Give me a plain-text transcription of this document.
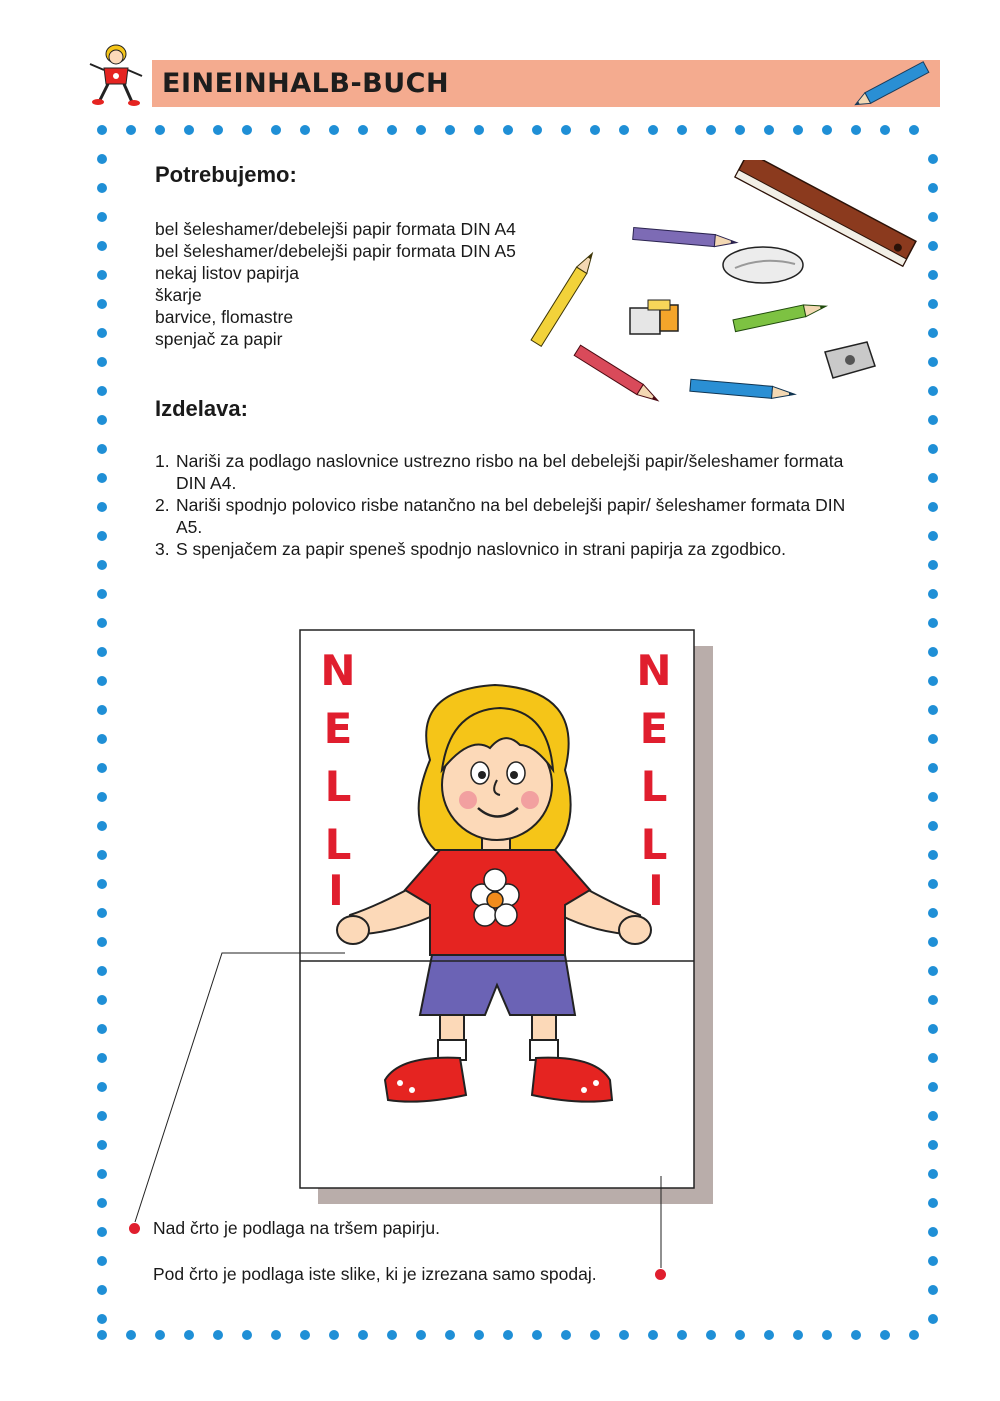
EINEINHALB-BUCH
Potrebujemo:
bel šeleshamer/debelejši papir formata DIN A4
bel šeleshamer/debelejši papir formata DIN A5
nekaj listov papirja
škarje
barvice, flomastre
spenjač za papir
Izdelava:
1. Nariši za podlago naslovnice ustrezno risbo na bel debelejši papir/šeleshamer formata DIN A4.
2. Nariši spodnjo polovico risbe natančno na bel debelejši papir/ šeleshamer formata DIN A5.
3. S spenjačem za papir speneš spodnjo naslovnico in strani papirja za zgodbico.
N
E
L
L
I
N
E
L
L
I
Nad črto je podlaga na tršem papirju.
Pod črto je podlaga iste slike, ki je izrezana samo spodaj.
